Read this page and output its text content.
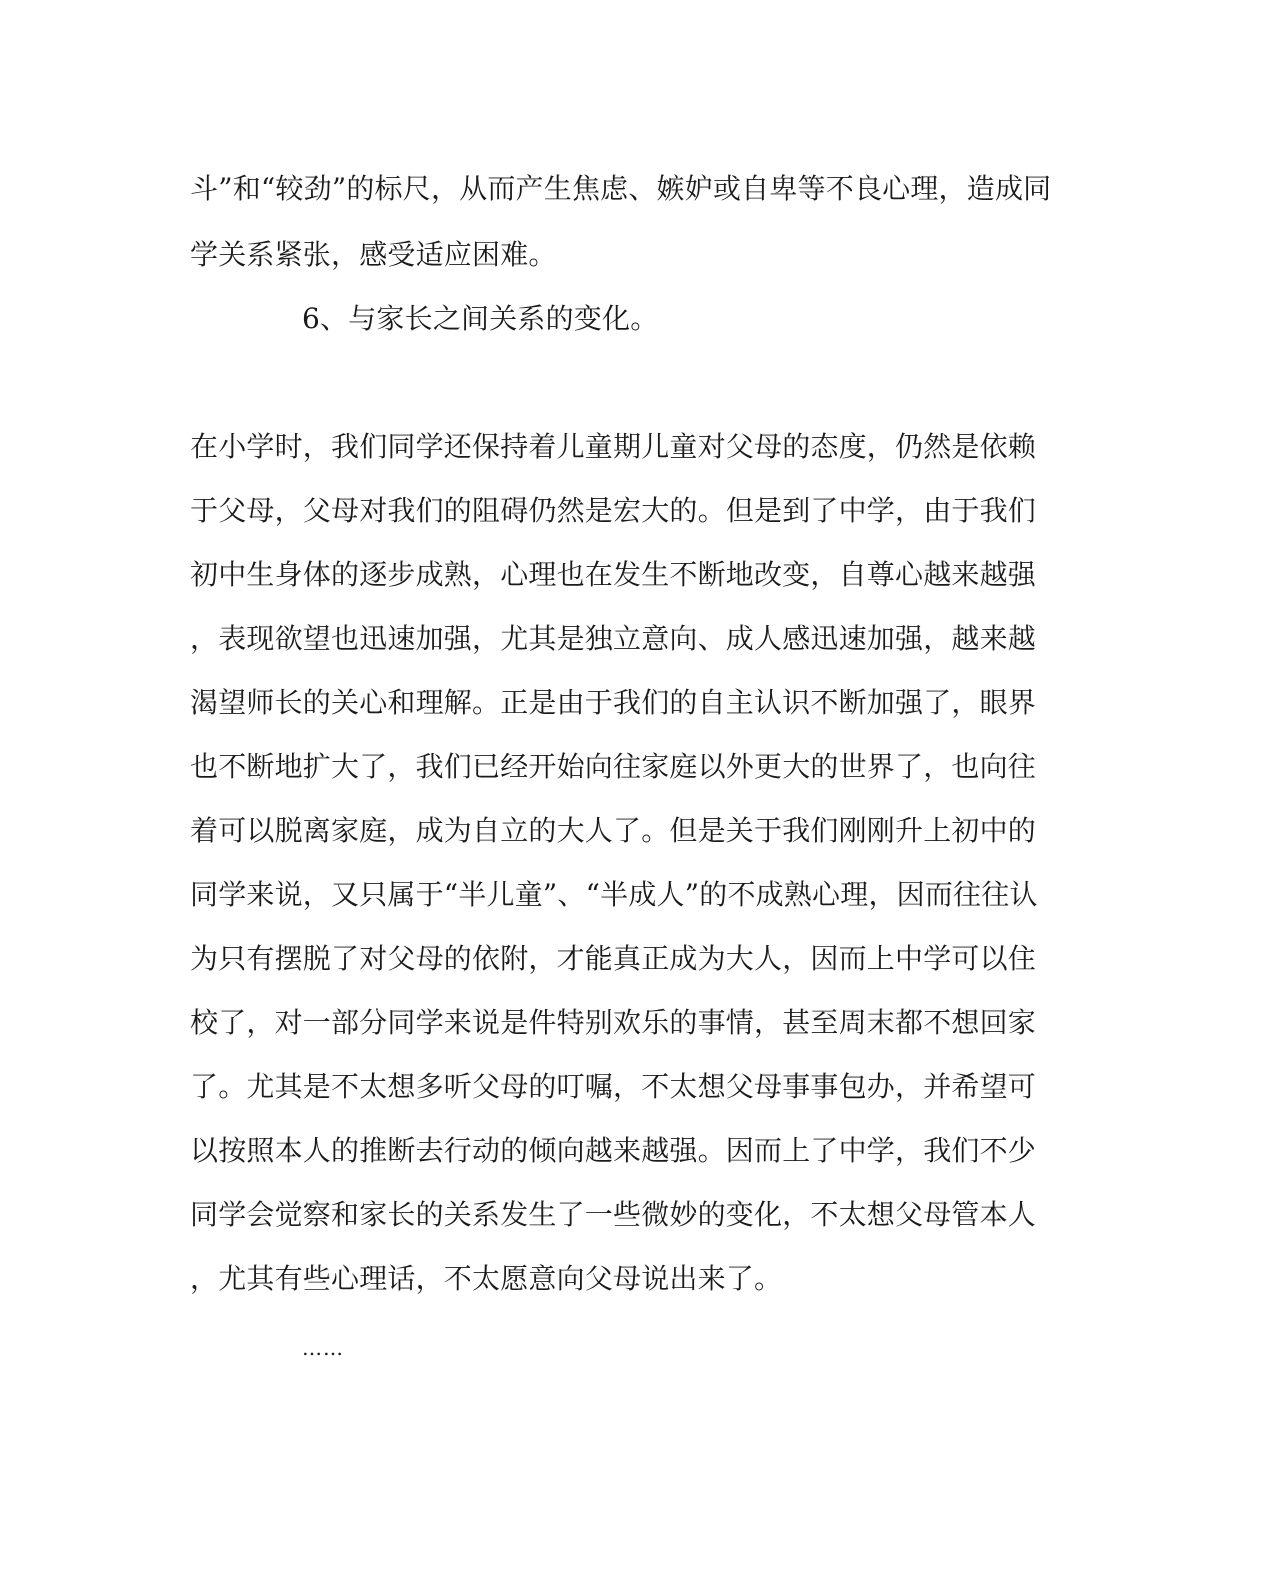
斗”和“较劲”的标尺，从而产生焦虑、嫉妒或自卑等不良心理，造成同
学关系紧张，感受适应困难。
6、与家长之间关系的变化。
在小学时，我们同学还保持着儿童期儿童对父母的态度，仍然是依赖
于父母，父母对我们的阻碍仍然是宏大的。但是到了中学，由于我们
初中生身体的逐步成熟，心理也在发生不断地改变，自尊心越来越强
，表现欲望也迅速加强，尤其是独立意向、成人感迅速加强，越来越
渴望师长的关心和理解。正是由于我们的自主认识不断加强了，眼界
也不断地扩大了，我们已经开始向往家庭以外更大的世界了，也向往
着可以脱离家庭，成为自立的大人了。但是关于我们刚刚升上初中的
同学来说，又只属于“半儿童”、“半成人”的不成熟心理，因而往往认
为只有摆脱了对父母的依附，才能真正成为大人，因而上中学可以住
校了，对一部分同学来说是件特别欢乐的事情，甚至周末都不想回家
了。尤其是不太想多听父母的叮嘱，不太想父母事事包办，并希望可
以按照本人的推断去行动的倾向越来越强。因而上了中学，我们不少
同学会觉察和家长的关系发生了一些微妙的变化，不太想父母管本人
，尤其有些心理话，不太愿意向父母说出来了。
……
